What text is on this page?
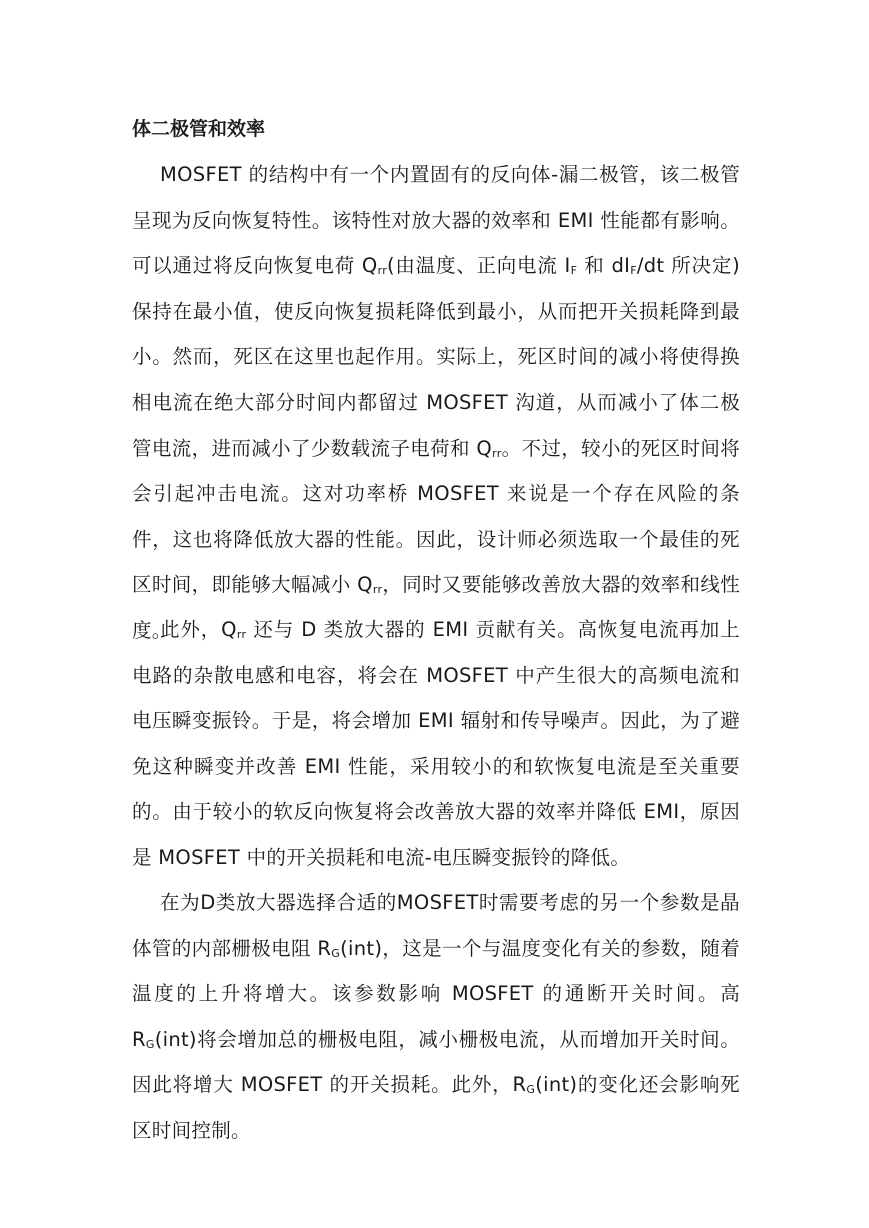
体二极管和效率

MOSFET 的结构中有一个内置固有的反向体-漏二极管，该二极管呈现为反向恢复特性。该特性对放大器的效率和 EMI 性能都有影响。可以通过将反向恢复电荷 $Q_{rr}$(由温度、正向电流 $I_F$ 和 $dI_F/dt$ 所决定)保持在最小值，使反向恢复损耗降低到最小，从而把开关损耗降到最小。然而，死区在这里也起作用。实际上，死区时间的减小将使得换相电流在绝大部分时间内都留过 MOSFET 沟道，从而减小了体二极管电流，进而减小了少数载流子电荷和 $Q_{rr}$。不过，较小的死区时间将会引起冲击电流。这对功率桥 MOSFET 来说是一个存在风险的条件，这也将降低放大器的性能。因此，设计师必须选取一个最佳的死区时间，即能够大幅减小 $Q_{rr}$，同时又要能够改善放大器的效率和线性度。

此外，$Q_{rr}$ 还与 D 类放大器的 EMI 贡献有关。高恢复电流再加上电路的杂散电感和电容，将会在 MOSFET 中产生很大的高频电流和电压瞬变振铃。于是，将会增加 EMI 辐射和传导噪声。因此，为了避免这种瞬变并改善 EMI 性能，采用较小的和软恢复电流是至关重要的。由于较小的软反向恢复将会改善放大器的效率并降低 EMI，原因是 MOSFET 中的开关损耗和电流-电压瞬变振铃的降低。

在为D类放大器选择合适的MOSFET时需要考虑的另一个参数是晶体管的内部栅极电阻 $R_G(int)$，这是一个与温度变化有关的参数，随着温度的上升将增大。该参数影响 MOSFET 的通断开关时间。高 $R_G(int)$将会增加总的栅极电阻，减小栅极电流，从而增加开关时间。因此将增大 MOSFET 的开关损耗。此外，$R_G(int)$的变化还会影响死区时间控制。
